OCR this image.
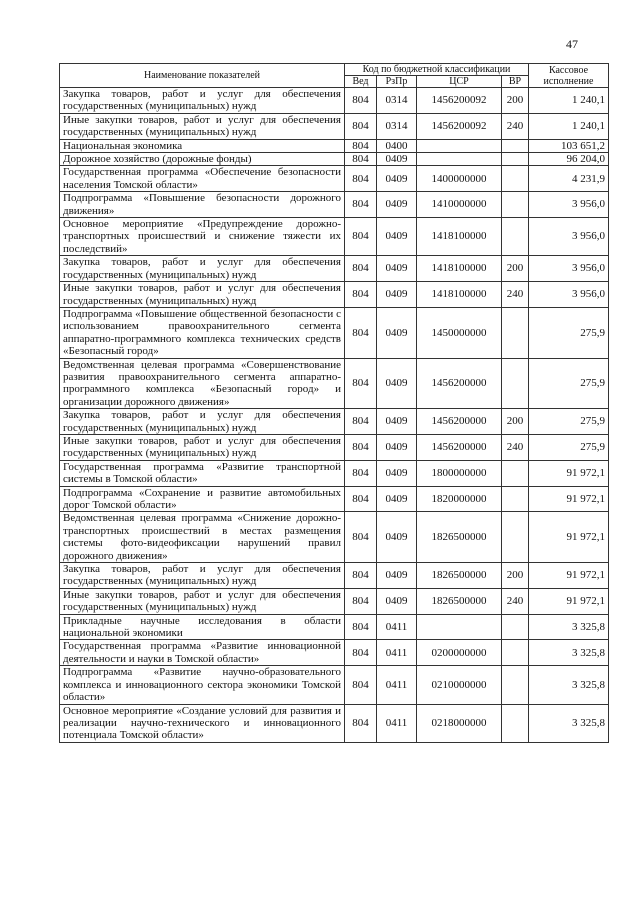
47
Наименование показателей	Код по бюджетной классификации				Кассовое исполнение
	Вед	РзПр	ЦСР	ВР	
Закупка товаров, работ и услуг для обеспечения государственных (муниципальных) нужд	804	0314	1456200092	200	1 240,1
Иные закупки товаров, работ и услуг для обеспечения государственных (муниципальных) нужд	804	0314	1456200092	240	1 240,1
Национальная экономика	804	0400			103 651,2
Дорожное хозяйство (дорожные фонды)	804	0409			96 204,0
Государственная программа «Обеспечение безопасности населения Томской области»	804	0409	1400000000		4 231,9
Подпрограмма «Повышение безопасности дорожного движения»	804	0409	1410000000		3 956,0
Основное мероприятие «Предупреждение дорожно-транспортных происшествий и снижение тяжести их последствий»	804	0409	1418100000		3 956,0
Закупка товаров, работ и услуг для обеспечения государственных (муниципальных) нужд	804	0409	1418100000	200	3 956,0
Иные закупки товаров, работ и услуг для обеспечения государственных (муниципальных) нужд	804	0409	1418100000	240	3 956,0
Подпрограмма «Повышение общественной безопасности с использованием правоохранительного сегмента аппаратно-программного комплекса технических средств «Безопасный город»	804	0409	1450000000		275,9
Ведомственная целевая программа «Совершенствование развития правоохранительного сегмента аппаратно-программного комплекса «Безопасный город» и организации дорожного движения»	804	0409	1456200000		275,9
Закупка товаров, работ и услуг для обеспечения государственных (муниципальных) нужд	804	0409	1456200000	200	275,9
Иные закупки товаров, работ и услуг для обеспечения государственных (муниципальных) нужд	804	0409	1456200000	240	275,9
Государственная программа «Развитие транспортной системы в Томской области»	804	0409	1800000000		91 972,1
Подпрограмма «Сохранение и развитие автомобильных дорог Томской области»	804	0409	1820000000		91 972,1
Ведомственная целевая программа «Снижение дорожно-транспортных происшествий в местах размещения системы фото-видеофиксации нарушений правил дорожного движения»	804	0409	1826500000		91 972,1
Закупка товаров, работ и услуг для обеспечения государственных (муниципальных) нужд	804	0409	1826500000	200	91 972,1
Иные закупки товаров, работ и услуг для обеспечения государственных (муниципальных) нужд	804	0409	1826500000	240	91 972,1
Прикладные научные исследования в области национальной экономики	804	0411			3 325,8
Государственная программа «Развитие инновационной деятельности и науки в Томской области»	804	0411	0200000000		3 325,8
Подпрограмма «Развитие научно-образовательного комплекса и инновационного сектора экономики Томской области»	804	0411	0210000000		3 325,8
Основное мероприятие «Создание условий для развития и реализации научно-технического и инновационного потенциала Томской области»	804	0411	0218000000		3 325,8
